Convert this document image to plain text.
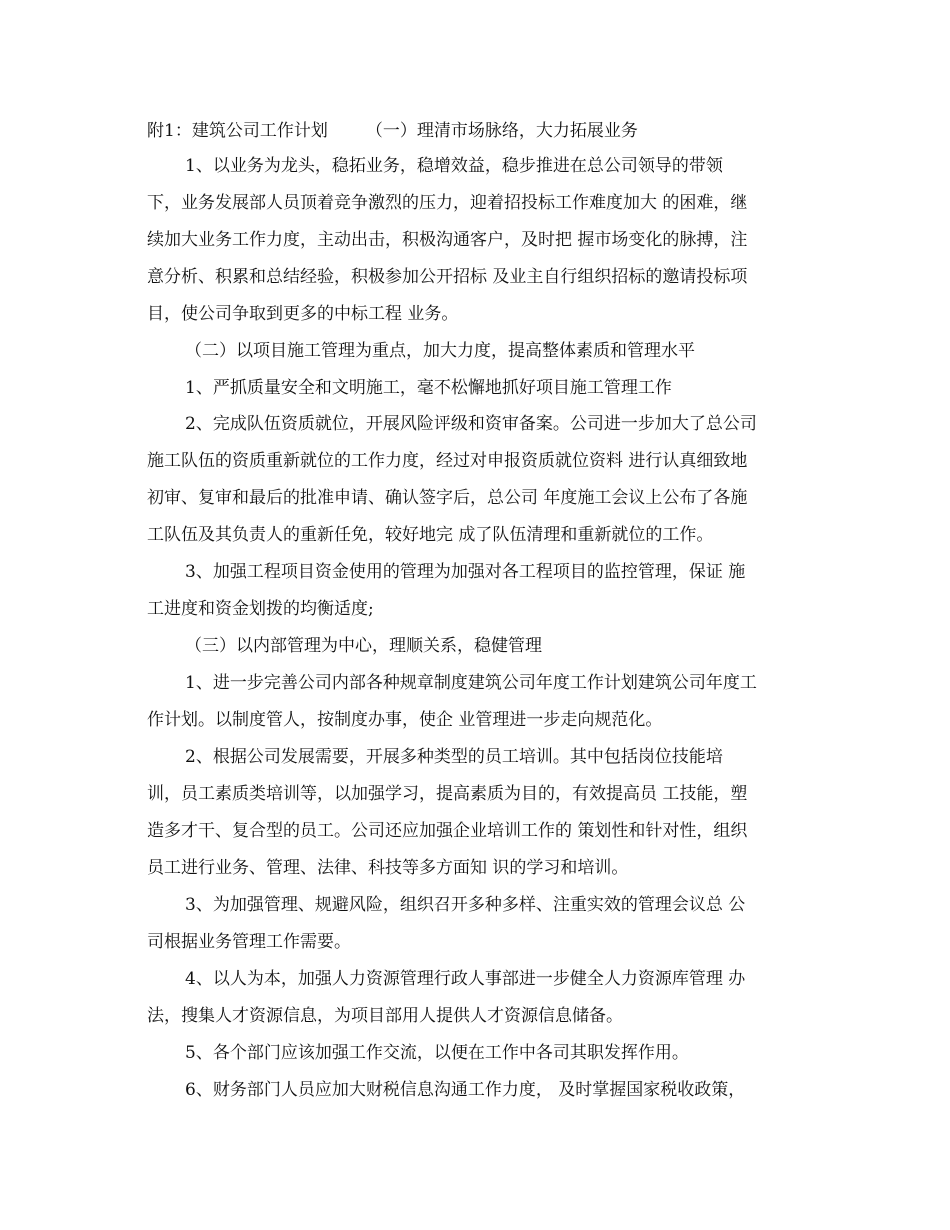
附1：建筑公司工作计划 （一）理清市场脉络，大力拓展业务
1、以业务为龙头，稳拓业务，稳增效益，稳步推进在总公司领导的带领
下，业务发展部人员顶着竞争激烈的压力，迎着招投标工作难度加大 的困难，继
续加大业务工作力度，主动出击，积极沟通客户，及时把 握市场变化的脉搏，注
意分析、积累和总结经验，积极参加公开招标 及业主自行组织招标的邀请投标项
目，使公司争取到更多的中标工程 业务。
（二）以项目施工管理为重点，加大力度，提高整体素质和管理水平
1、严抓质量安全和文明施工，毫不松懈地抓好项目施工管理工作
2、完成队伍资质就位，开展风险评级和资审备案。公司进一步加大了总公司
施工队伍的资质重新就位的工作力度，经过对申报资质就位资料 进行认真细致地
初审、复审和最后的批准申请、确认签字后，总公司 年度施工会议上公布了各施
工队伍及其负责人的重新任免，较好地完 成了队伍清理和重新就位的工作。
3、加强工程项目资金使用的管理为加强对各工程项目的监控管理，保证 施
工进度和资金划拨的均衡适度;
（三）以内部管理为中心，理顺关系，稳健管理
1、进一步完善公司内部各种规章制度建筑公司年度工作计划建筑公司年度工
作计划。以制度管人，按制度办事，使企 业管理进一步走向规范化。
2、根据公司发展需要，开展多种类型的员工培训。其中包括岗位技能培
训，员工素质类培训等，以加强学习，提高素质为目的，有效提高员 工技能，塑
造多才干、复合型的员工。公司还应加强企业培训工作的 策划性和针对性，组织
员工进行业务、管理、法律、科技等多方面知 识的学习和培训。
3、为加强管理、规避风险，组织召开多种多样、注重实效的管理会议总 公
司根据业务管理工作需要。
4、以人为本，加强人力资源管理行政人事部进一步健全人力资源库管理 办
法，搜集人才资源信息，为项目部用人提供人才资源信息储备。
5、各个部门应该加强工作交流，以便在工作中各司其职发挥作用。
6、财务部门人员应加大财税信息沟通工作力度， 及时掌握国家税收政策，
